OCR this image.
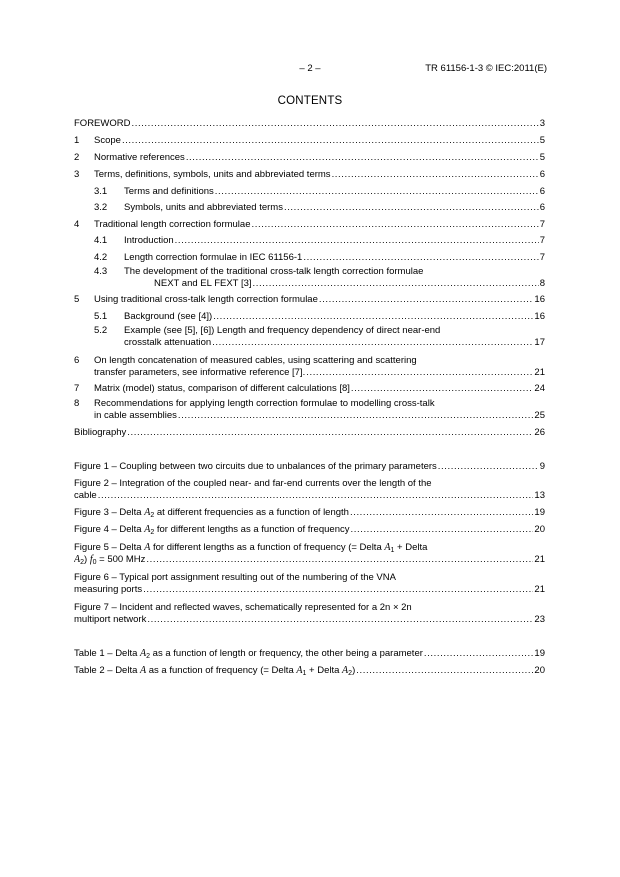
– 2 –	TR 61156-1-3 © IEC:2011(E)
CONTENTS
FOREWORD .....	3
1	Scope .....	5
2	Normative references .....	5
3	Terms, definitions, symbols, units and abbreviated terms .....	6
3.1	Terms and definitions .....	6
3.2	Symbols, units and abbreviated terms .....	6
4	Traditional length correction formulae .....	7
4.1	Introduction .....	7
4.2	Length correction formulae in IEC 61156-1 .....	7
4.3	The development of the traditional cross-talk length correction formulae
NEXT and EL FEXT [3] .....	8
5	Using traditional cross-talk length correction formulae .....	16
5.1	Background (see [4]) .....	16
5.2	Example (see [5], [6]) Length and frequency dependency of direct near-end
crosstalk attenuation .....	17
6	On length concatenation of measured cables, using scattering and scattering
transfer parameters, see informative reference [7]. .....	21
7	Matrix (model) status, comparison of different calculations [8] .....	24
8	Recommendations for applying length correction formulae to modelling cross-talk
in cable assemblies .....	25
Bibliography .....	26
Figure 1 – Coupling between two circuits due to unbalances of the primary parameters .....	9
Figure 2 – Integration of the coupled near- and far-end currents over the length of the
cable .....	13
Figure 3 – Delta $A_2$ at different frequencies as a function of length .....	19
Figure 4 – Delta $A_2$ for different lengths as a function of frequency .....	20
Figure 5 – Delta A for different lengths as a function of frequency (= Delta $A_1$ + Delta
$A_2$) $f_0 = 500$ MHz .....	21
Figure 6 – Typical port assignment resulting out of the numbering of the VNA
measuring ports .....	21
Figure 7 – Incident and reflected waves, schematically represented for a 2n × 2n
multiport network .....	23
Table 1 – Delta $A_2$ as a function of length or frequency, the other being a parameter .....	19
Table 2 – Delta A as a function of frequency (= Delta $A_1$ + Delta $A_2$) .....	20
